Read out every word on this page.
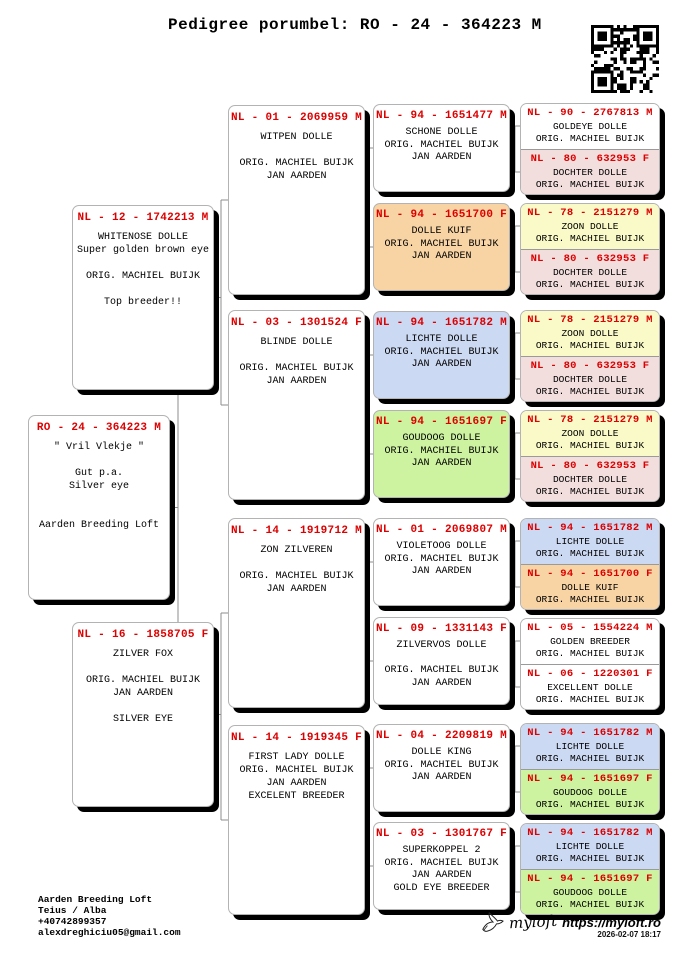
Pedigree porumbel: RO - 24 - 364223 M
RO - 24 - 364223 M
" Vril Vlekje "

Gut p.a.
Silver eye

Aarden Breeding Loft
NL - 12 - 1742213 M
WHITENOSE DOLLE
Super golden brown eye

ORIG. MACHIEL BUIJK

Top breeder!!
NL - 16 - 1858705 F
ZILVER FOX

ORIG. MACHIEL BUIJK
JAN AARDEN

SILVER EYE
NL - 01 - 2069959 M
WITPEN DOLLE

ORIG. MACHIEL BUIJK
JAN AARDEN
NL - 03 - 1301524 F
BLINDE DOLLE

ORIG. MACHIEL BUIJK
JAN AARDEN
NL - 14 - 1919712 M
ZON ZILVEREN

ORIG. MACHIEL BUIJK
JAN AARDEN
NL - 14 - 1919345 F
FIRST LADY DOLLE
ORIG. MACHIEL BUIJK
JAN AARDEN
EXCELENT BREEDER
NL - 94 - 1651477 M
SCHONE DOLLE
ORIG. MACHIEL BUIJK
JAN AARDEN
NL - 94 - 1651700 F
DOLLE KUIF
ORIG. MACHIEL BUIJK
JAN AARDEN
NL - 94 - 1651782 M
LICHTE DOLLE
ORIG. MACHIEL BUIJK
JAN AARDEN
NL - 94 - 1651697 F
GOUDOOG DOLLE
ORIG. MACHIEL BUIJK
JAN AARDEN
NL - 01 - 2069807 M
VIOLETOOG DOLLE
ORIG. MACHIEL BUIJK
JAN AARDEN
NL - 09 - 1331143 F
ZILVERVOS DOLLE

ORIG. MACHIEL BUIJK
JAN AARDEN
NL - 04 - 2209819 M
DOLLE KING
ORIG. MACHIEL BUIJK
JAN AARDEN
NL - 03 - 1301767 F
SUPERKOPPEL 2
ORIG. MACHIEL BUIJK
JAN AARDEN
GOLD EYE BREEDER
NL - 90 - 2767813 M
GOLDEYE DOLLE
ORIG. MACHIEL BUIJK
NL - 80 - 632953 F
DOCHTER DOLLE
ORIG. MACHIEL BUIJK
NL - 78 - 2151279 M
ZOON DOLLE
ORIG. MACHIEL BUIJK
NL - 80 - 632953 F
DOCHTER DOLLE
ORIG. MACHIEL BUIJK
NL - 78 - 2151279 M
ZOON DOLLE
ORIG. MACHIEL BUIJK
NL - 80 - 632953 F
DOCHTER DOLLE
ORIG. MACHIEL BUIJK
NL - 78 - 2151279 M
ZOON DOLLE
ORIG. MACHIEL BUIJK
NL - 80 - 632953 F
DOCHTER DOLLE
ORIG. MACHIEL BUIJK
NL - 94 - 1651782 M
LICHTE DOLLE
ORIG. MACHIEL BUIJK
NL - 94 - 1651700 F
DOLLE KUIF
ORIG. MACHIEL BUIJK
NL - 05 - 1554224 M
GOLDEN BREEDER
ORIG. MACHIEL BUIJK
NL - 06 - 1220301 F
EXCELLENT DOLLE
ORIG. MACHIEL BUIJK
NL - 94 - 1651782 M
LICHTE DOLLE
ORIG. MACHIEL BUIJK
NL - 94 - 1651697 F
GOUDOOG DOLLE
ORIG. MACHIEL BUIJK
NL - 94 - 1651782 M
LICHTE DOLLE
ORIG. MACHIEL BUIJK
NL - 94 - 1651697 F
GOUDOOG DOLLE
ORIG. MACHIEL BUIJK
Aarden Breeding Loft
Teius / Alba
+40742899357
alexdreghiciu05@gmail.com
myloft https://myloft.ro
2026-02-07 18:17
